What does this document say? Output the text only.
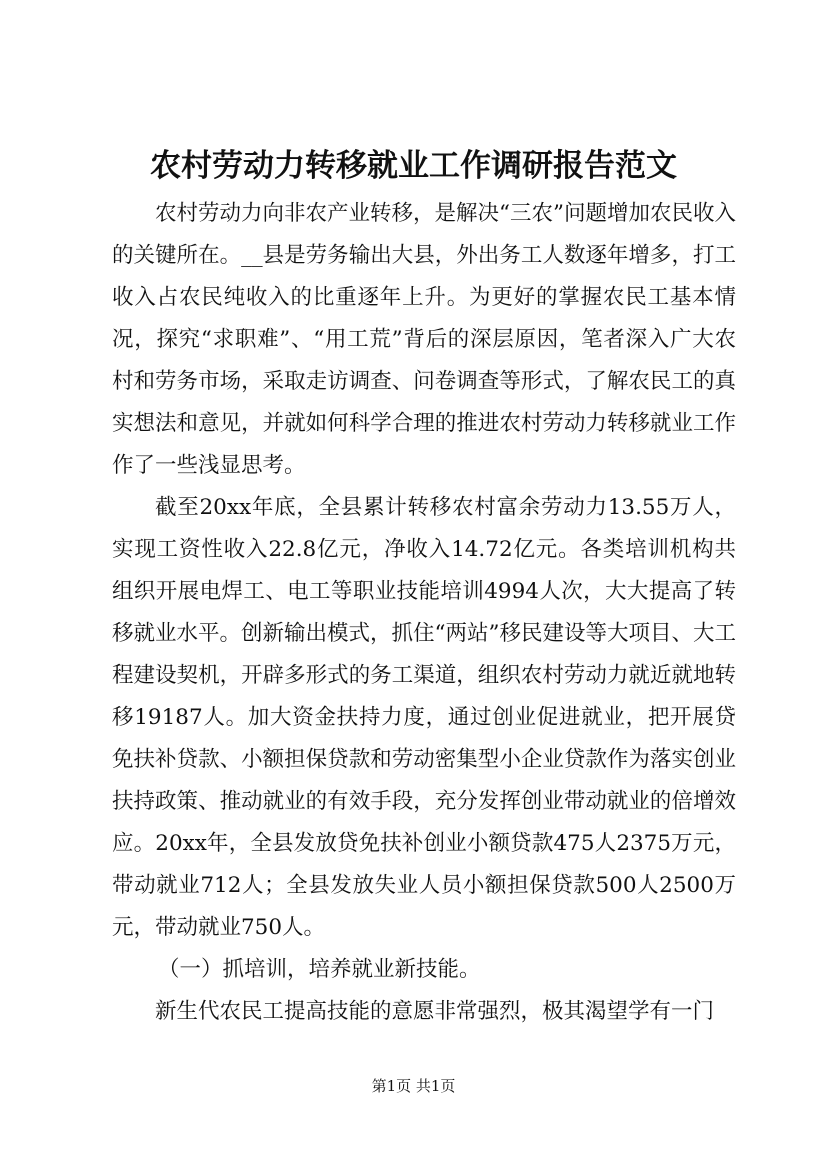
农村劳动力转移就业工作调研报告范文

农村劳动力向非农产业转移，是解决“三农”问题增加农民收入的关键所在。__县是劳务输出大县，外出务工人数逐年增多，打工收入占农民纯收入的比重逐年上升。为更好的掌握农民工基本情况，探究“求职难”、“用工荒”背后的深层原因，笔者深入广大农村和劳务市场，采取走访调查、问卷调查等形式，了解农民工的真实想法和意见，并就如何科学合理的推进农村劳动力转移就业工作作了一些浅显思考。

截至20xx年底，全县累计转移农村富余劳动力13.55万人，实现工资性收入22.8亿元，净收入14.72亿元。各类培训机构共组织开展电焊工、电工等职业技能培训4994人次，大大提高了转移就业水平。创新输出模式，抓住“两站”移民建设等大项目、大工程建设契机，开辟多形式的务工渠道，组织农村劳动力就近就地转移19187人。加大资金扶持力度，通过创业促进就业，把开展贷免扶补贷款、小额担保贷款和劳动密集型小企业贷款作为落实创业扶持政策、推动就业的有效手段，充分发挥创业带动就业的倍增效应。20xx年，全县发放贷免扶补创业小额贷款475人2375万元，带动就业712人；全县发放失业人员小额担保贷款500人2500万元，带动就业750人。

（一）抓培训，培养就业新技能。

新生代农民工提高技能的意愿非常强烈，极其渴望学有一门

第1页 共1页
